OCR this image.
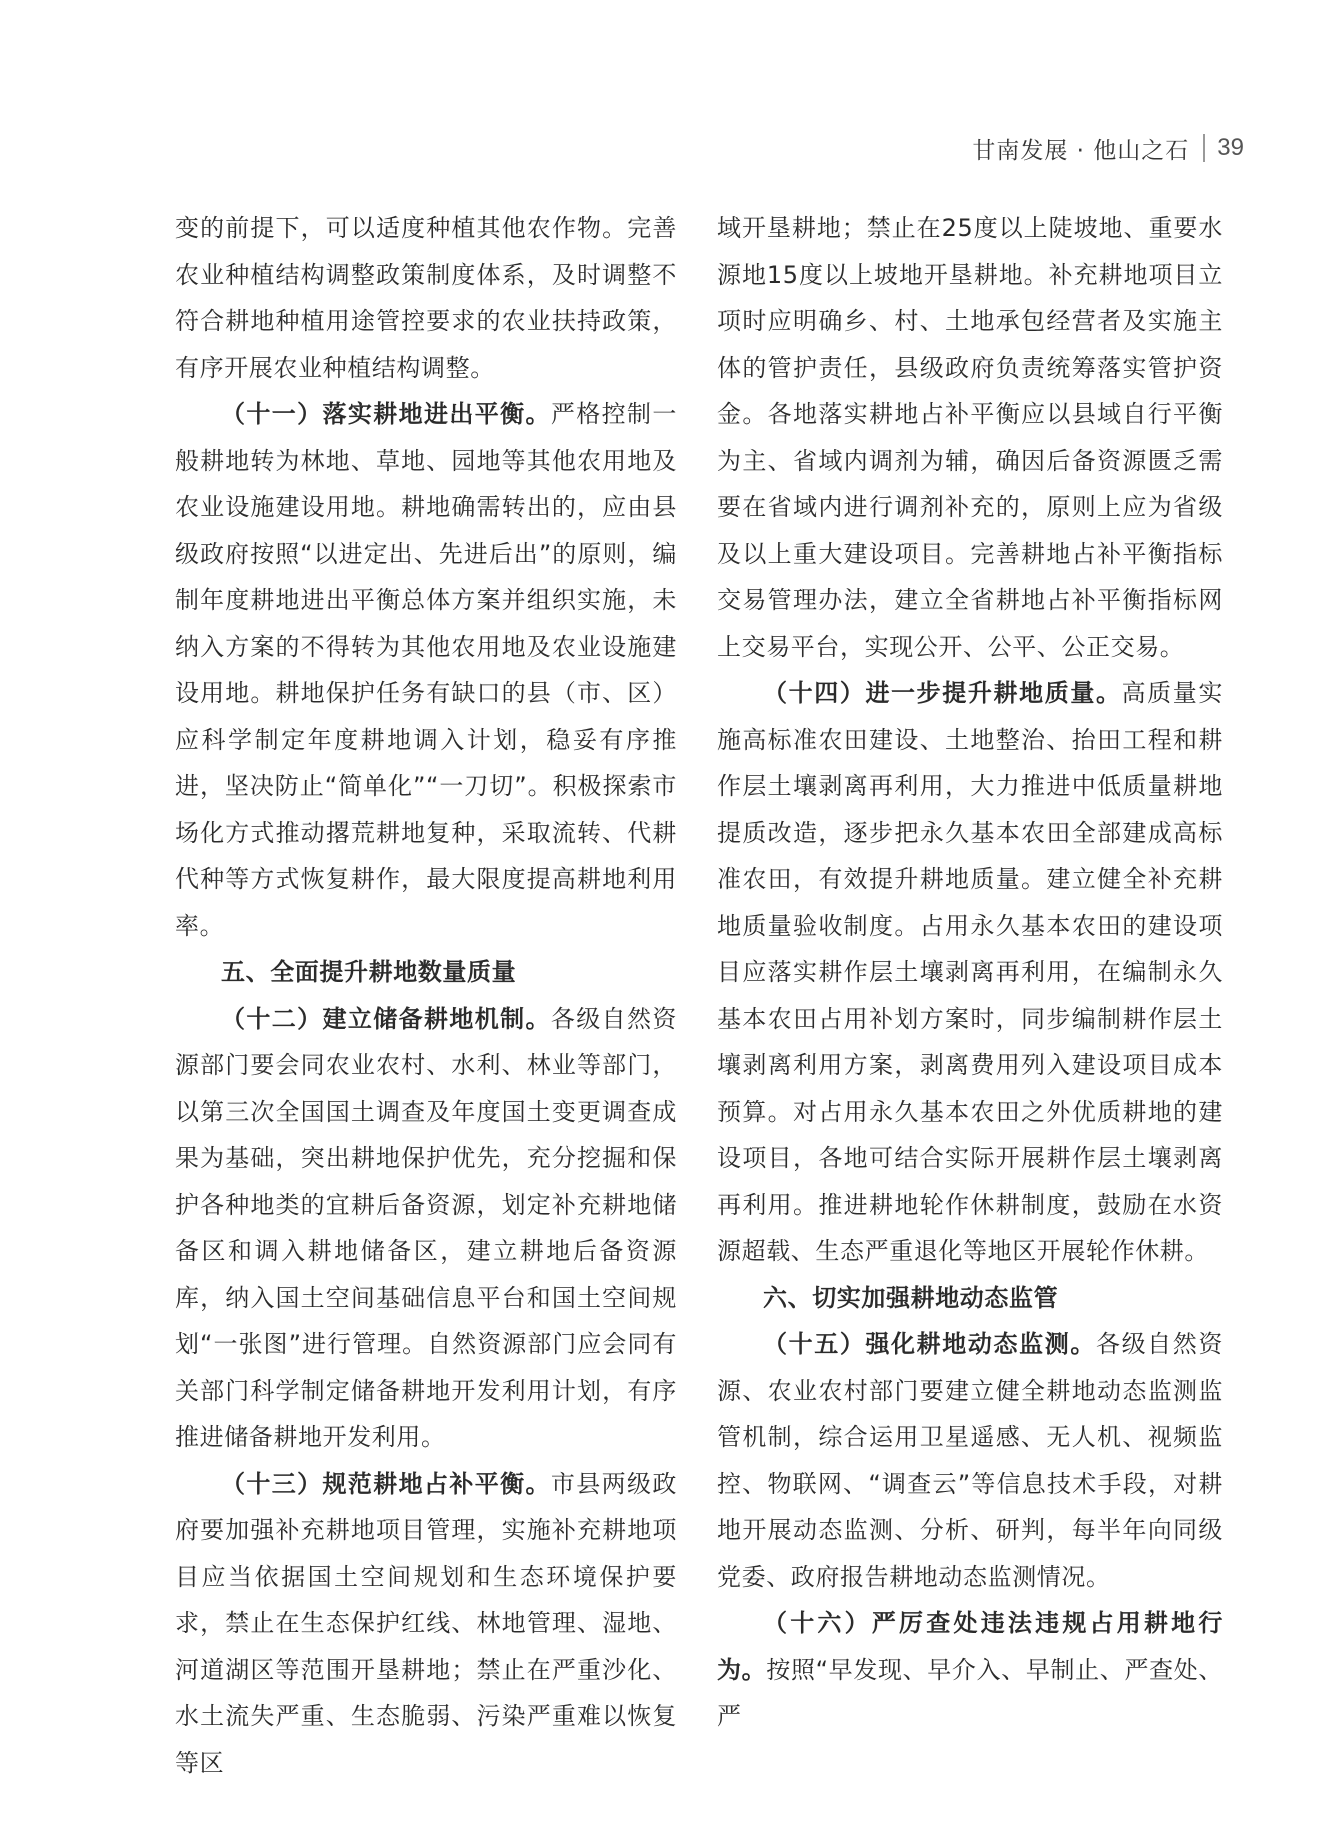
甘南发展 · 他山之石 39

变的前提下，可以适度种植其他农作物。完善农业种植结构调整政策制度体系，及时调整不符合耕地种植用途管控要求的农业扶持政策，有序开展农业种植结构调整。

（十一）落实耕地进出平衡。严格控制一般耕地转为林地、草地、园地等其他农用地及农业设施建设用地。耕地确需转出的，应由县级政府按照“以进定出、先进后出”的原则，编制年度耕地进出平衡总体方案并组织实施，未纳入方案的不得转为其他农用地及农业设施建设用地。耕地保护任务有缺口的县（市、区）应科学制定年度耕地调入计划，稳妥有序推进，坚决防止“简单化”“一刀切”。积极探索市场化方式推动撂荒耕地复种，采取流转、代耕代种等方式恢复耕作，最大限度提高耕地利用率。

五、全面提升耕地数量质量

（十二）建立储备耕地机制。各级自然资源部门要会同农业农村、水利、林业等部门，以第三次全国国土调查及年度国土变更调查成果为基础，突出耕地保护优先，充分挖掘和保护各种地类的宜耕后备资源，划定补充耕地储备区和调入耕地储备区，建立耕地后备资源库，纳入国土空间基础信息平台和国土空间规划“一张图”进行管理。自然资源部门应会同有关部门科学制定储备耕地开发利用计划，有序推进储备耕地开发利用。

（十三）规范耕地占补平衡。市县两级政府要加强补充耕地项目管理，实施补充耕地项目应当依据国土空间规划和生态环境保护要求，禁止在生态保护红线、林地管理、湿地、河道湖区等范围开垦耕地；禁止在严重沙化、水土流失严重、生态脆弱、污染严重难以恢复等区

域开垦耕地；禁止在25度以上陡坡地、重要水源地15度以上坡地开垦耕地。补充耕地项目立项时应明确乡、村、土地承包经营者及实施主体的管护责任，县级政府负责统筹落实管护资金。各地落实耕地占补平衡应以县域自行平衡为主、省域内调剂为辅，确因后备资源匮乏需要在省域内进行调剂补充的，原则上应为省级及以上重大建设项目。完善耕地占补平衡指标交易管理办法，建立全省耕地占补平衡指标网上交易平台，实现公开、公平、公正交易。

（十四）进一步提升耕地质量。高质量实施高标准农田建设、土地整治、抬田工程和耕作层土壤剥离再利用，大力推进中低质量耕地提质改造，逐步把永久基本农田全部建成高标准农田，有效提升耕地质量。建立健全补充耕地质量验收制度。占用永久基本农田的建设项目应落实耕作层土壤剥离再利用，在编制永久基本农田占用补划方案时，同步编制耕作层土壤剥离利用方案，剥离费用列入建设项目成本预算。对占用永久基本农田之外优质耕地的建设项目，各地可结合实际开展耕作层土壤剥离再利用。推进耕地轮作休耕制度，鼓励在水资源超载、生态严重退化等地区开展轮作休耕。

六、切实加强耕地动态监管

（十五）强化耕地动态监测。各级自然资源、农业农村部门要建立健全耕地动态监测监管机制，综合运用卫星遥感、无人机、视频监控、物联网、“调查云”等信息技术手段，对耕地开展动态监测、分析、研判，每半年向同级党委、政府报告耕地动态监测情况。

（十六）严厉查处违法违规占用耕地行为。按照“早发现、早介入、早制止、严查处、严
